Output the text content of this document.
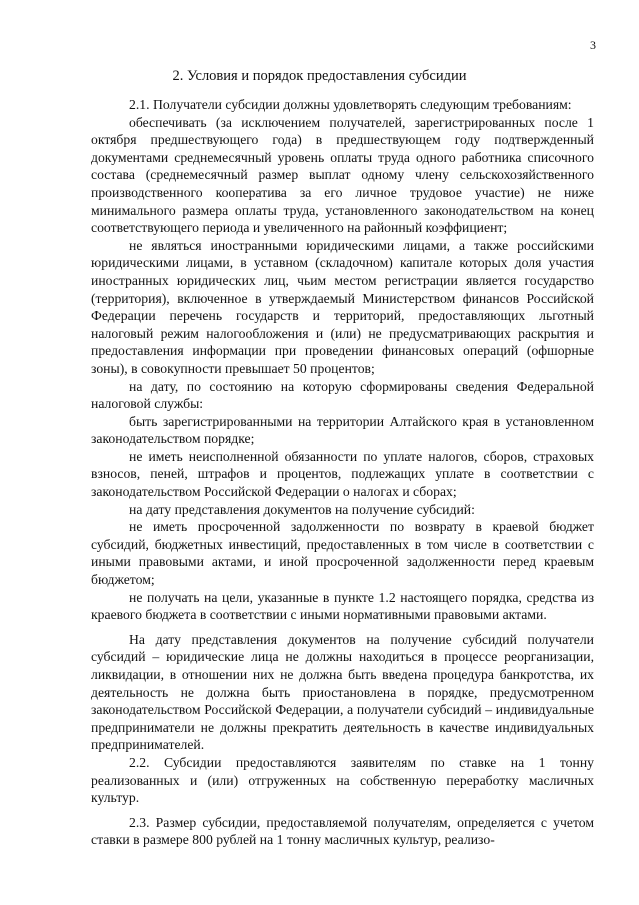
3

2. Условия и порядок предоставления субсидии

2.1. Получатели субсидии должны удовлетворять следующим требованиям:

обеспечивать (за исключением получателей, зарегистрированных после 1 октября предшествующего года) в предшествующем году подтвержденный документами среднемесячный уровень оплаты труда одного работника списочного состава (среднемесячный размер выплат одному члену сельскохозяйственного производственного кооператива за его личное трудовое участие) не ниже минимального размера оплаты труда, установленного законодательством на конец соответствующего периода и увеличенного на районный коэффициент;

не являться иностранными юридическими лицами, а также российскими юридическими лицами, в уставном (складочном) капитале которых доля участия иностранных юридических лиц, чьим местом регистрации является государство (территория), включенное в утверждаемый Министерством финансов Российской Федерации перечень государств и территорий, предоставляющих льготный налоговый режим налогообложения и (или) не предусматривающих раскрытия и предоставления информации при проведении финансовых операций (офшорные зоны), в совокупности превышает 50 процентов;

на дату, по состоянию на которую сформированы сведения Федеральной налоговой службы:

быть зарегистрированными на территории Алтайского края в установленном законодательством порядке;

не иметь неисполненной обязанности по уплате налогов, сборов, страховых взносов, пеней, штрафов и процентов, подлежащих уплате в соответствии с законодательством Российской Федерации о налогах и сборах;

на дату представления документов на получение субсидий:

не иметь просроченной задолженности по возврату в краевой бюджет субсидий, бюджетных инвестиций, предоставленных в том числе в соответствии с иными правовыми актами, и иной просроченной задолженности перед краевым бюджетом;

не получать на цели, указанные в пункте 1.2 настоящего порядка, средства из краевого бюджета в соответствии с иными нормативными правовыми актами.

На дату представления документов на получение субсидий получатели субсидий – юридические лица не должны находиться в процессе реорганизации, ликвидации, в отношении них не должна быть введена процедура банкротства, их деятельность не должна быть приостановлена в порядке, предусмотренном законодательством Российской Федерации, а получатели субсидий – индивидуальные предприниматели не должны прекратить деятельность в качестве индивидуальных предпринимателей.

2.2. Субсидии предоставляются заявителям по ставке на 1 тонну реализованных и (или) отгруженных на собственную переработку масличных культур.

2.3. Размер субсидии, предоставляемой получателям, определяется с учетом ставки в размере 800 рублей на 1 тонну масличных культур, реализо-
